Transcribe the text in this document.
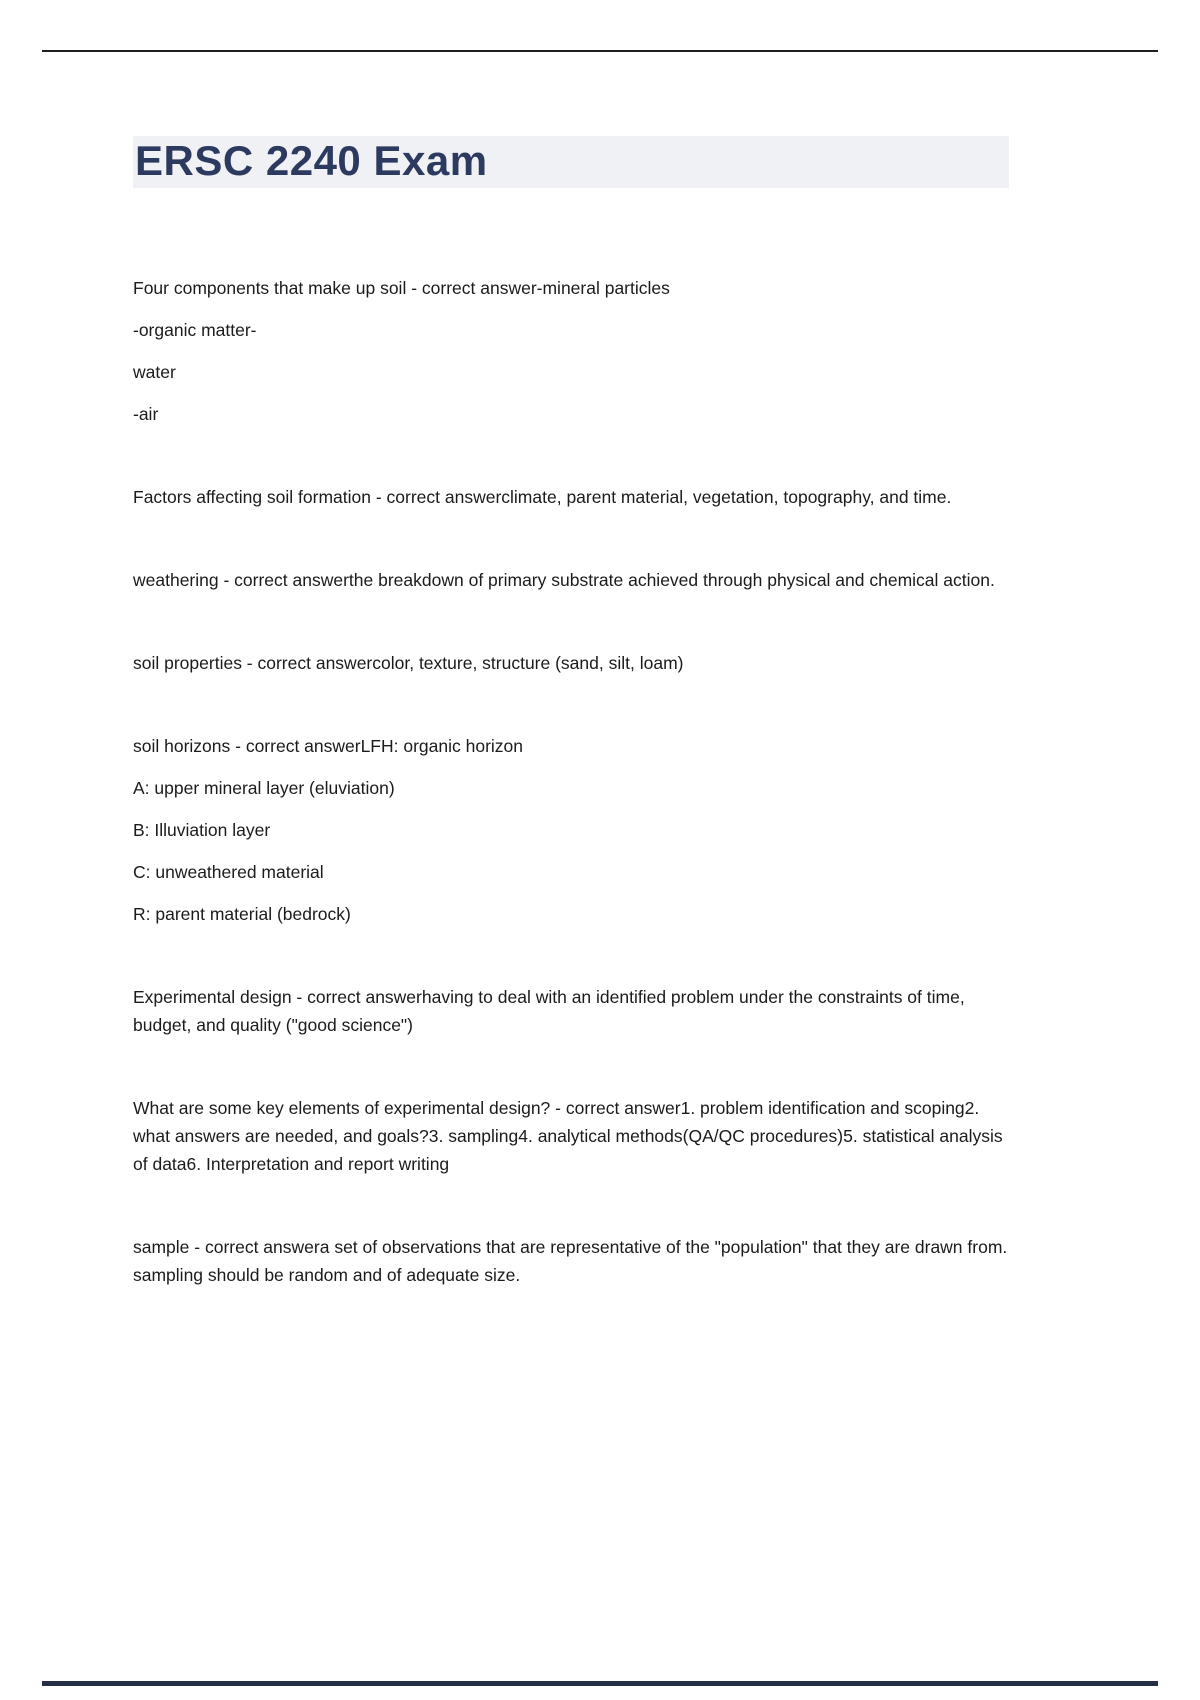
ERSC 2240 Exam

Four components that make up soil - correct answer-mineral particles

-organic matter-

water

-air

Factors affecting soil formation - correct answerclimate, parent material, vegetation, topography, and time.

weathering - correct answerthe breakdown of primary substrate achieved through physical and chemical action.

soil properties - correct answercolor, texture, structure (sand, silt, loam)

soil horizons - correct answerLFH: organic horizon

A: upper mineral layer (eluviation)

B: Illuviation layer

C: unweathered material

R: parent material (bedrock)

Experimental design - correct answerhaving to deal with an identified problem under the constraints of time, budget, and quality ("good science")

What are some key elements of experimental design? - correct answer1. problem identification and scoping2. what answers are needed, and goals?3. sampling4. analytical methods(QA/QC procedures)5. statistical analysis of data6. Interpretation and report writing

sample - correct answera set of observations that are representative of the "population" that they are drawn from. sampling should be random and of adequate size.
